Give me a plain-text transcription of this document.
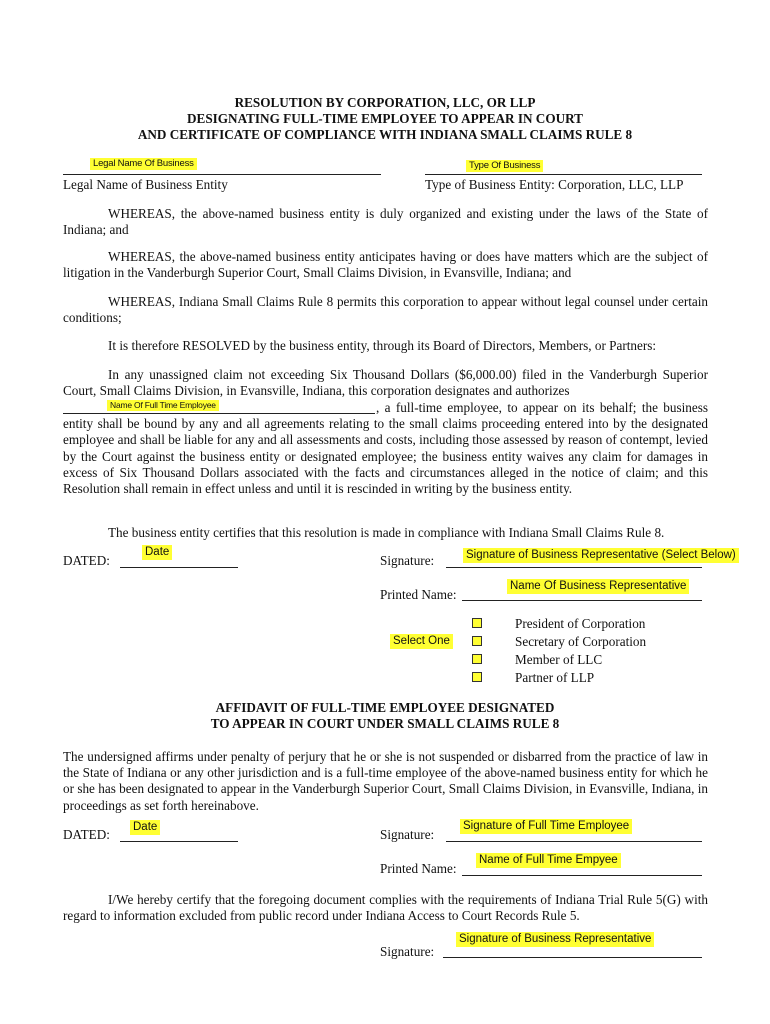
RESOLUTION BY CORPORATION, LLC, OR LLP
DESIGNATING FULL-TIME EMPLOYEE TO APPEAR IN COURT
AND CERTIFICATE OF COMPLIANCE WITH INDIANA SMALL CLAIMS RULE 8
Legal Name Of Business
Legal Name of Business Entity
Type Of Business
Type of Business Entity: Corporation, LLC, LLP
WHEREAS, the above-named business entity is duly organized and existing under the laws of the State of Indiana; and
WHEREAS, the above-named business entity anticipates having or does have matters which are the subject of litigation in the Vanderburgh Superior Court, Small Claims Division, in Evansville, Indiana; and
WHEREAS, Indiana Small Claims Rule 8 permits this corporation to appear without legal counsel under certain conditions;
It is therefore RESOLVED by the business entity, through its Board of Directors, Members, or Partners:
In any unassigned claim not exceeding Six Thousand Dollars ($6,000.00) filed in the Vanderburgh Superior Court, Small Claims Division, in Evansville, Indiana, this corporation designates and authorizes
Name Of Full Time Employee	, a full-time employee, to appear on its behalf; the business entity shall be bound by any and all agreements relating to the small claims proceeding entered into by the designated employee and shall be liable for any and all assessments and costs, including those assessed by reason of contempt, levied by the Court against the business entity or designated employee; the business entity waives any claim for damages in excess of Six Thousand Dollars associated with the facts and circumstances alleged in the notice of claim; and this Resolution shall remain in effect unless and until it is rescinded in writing by the business entity.
The business entity certifies that this resolution is made in compliance with Indiana Small Claims Rule 8.
DATED:
Date
Signature:	Signature of Business Representative (Select Below)
Printed Name:
Name Of Business Representative
Select One
President of Corporation
Secretary of Corporation
Member of LLC
Partner of LLP
AFFIDAVIT OF FULL-TIME EMPLOYEE DESIGNATED
TO APPEAR IN COURT UNDER SMALL CLAIMS RULE 8
The undersigned affirms under penalty of perjury that he or she is not suspended or disbarred from the practice of law in the State of Indiana or any other jurisdiction and is a full-time employee of the above-named business entity for which he or she has been designated to appear in the Vanderburgh Superior Court, Small Claims Division, in Evansville, Indiana, in proceedings as set forth hereinabove.
DATED: Date	Signature:
Signature of Full Time Employee
Printed Name:
Name of Full Time Empyee
I/We hereby certify that the foregoing document complies with the requirements of Indiana Trial Rule 5(G) with regard to information excluded from public record under Indiana Access to Court Records Rule 5.
Signature:
Signature of Business Representative
